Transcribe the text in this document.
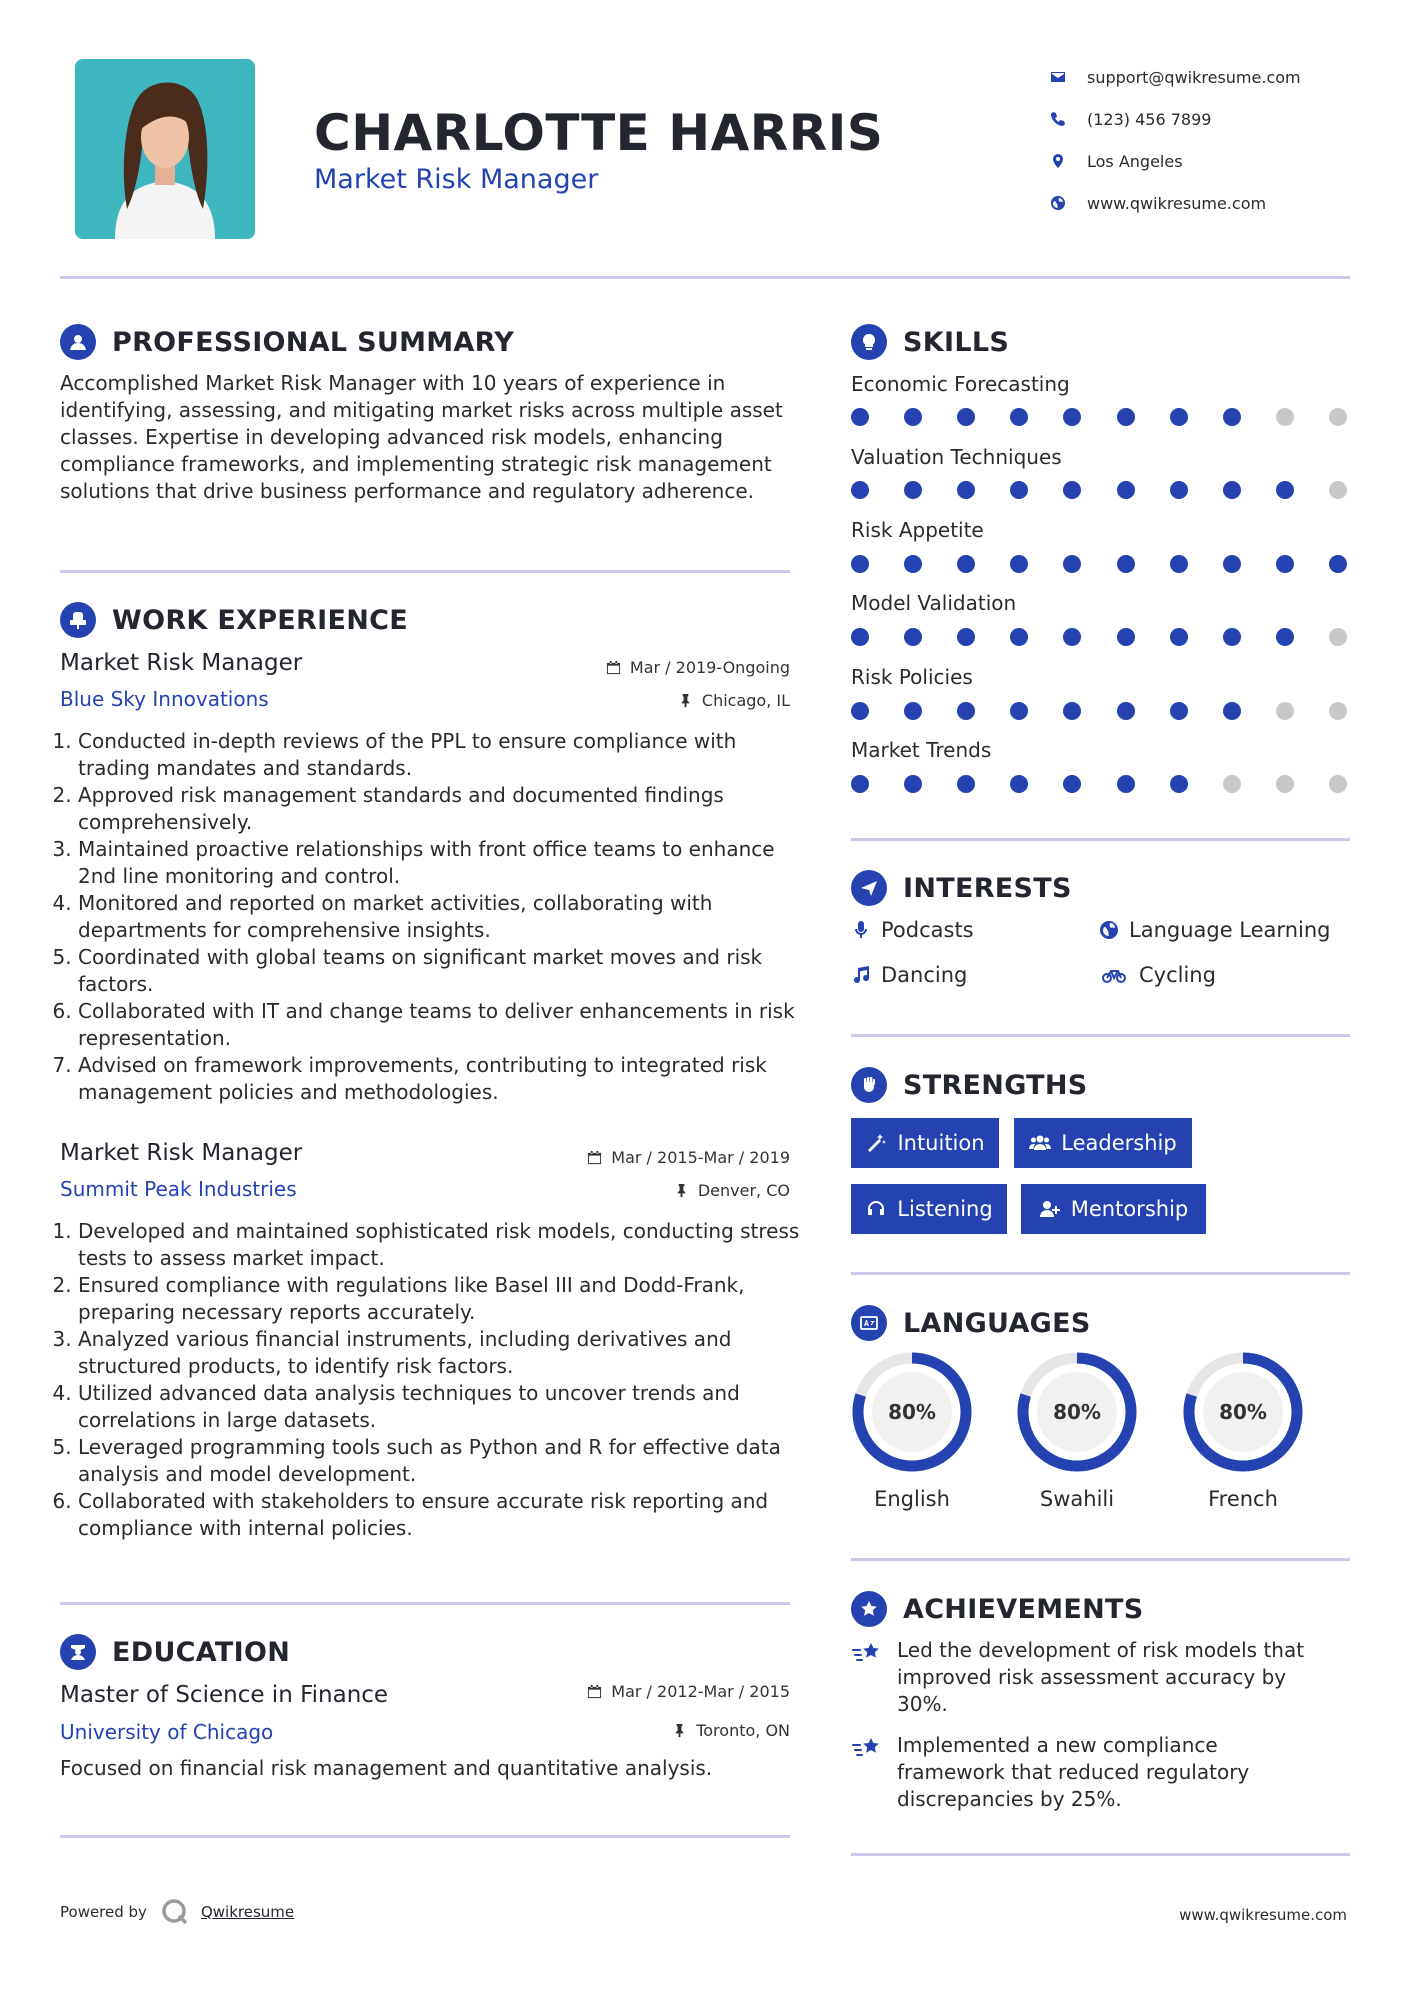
CHARLOTTE HARRIS
Market Risk Manager
support@qwikresume.com
(123) 456 7899
Los Angeles
www.qwikresume.com
PROFESSIONAL SUMMARY
Accomplished Market Risk Manager with 10 years of experience in identifying, assessing, and mitigating market risks across multiple asset classes. Expertise in developing advanced risk models, enhancing compliance frameworks, and implementing strategic risk management solutions that drive business performance and regulatory adherence.
WORK EXPERIENCE
Market Risk Manager	Mar / 2019-Ongoing
Blue Sky Innovations	Chicago, IL
1. Conducted in-depth reviews of the PPL to ensure compliance with trading mandates and standards.
2. Approved risk management standards and documented findings comprehensively.
3. Maintained proactive relationships with front office teams to enhance 2nd line monitoring and control.
4. Monitored and reported on market activities, collaborating with departments for comprehensive insights.
5. Coordinated with global teams on significant market moves and risk factors.
6. Collaborated with IT and change teams to deliver enhancements in risk representation.
7. Advised on framework improvements, contributing to integrated risk management policies and methodologies.
Market Risk Manager	Mar / 2015-Mar / 2019
Summit Peak Industries	Denver, CO
1. Developed and maintained sophisticated risk models, conducting stress tests to assess market impact.
2. Ensured compliance with regulations like Basel III and Dodd-Frank, preparing necessary reports accurately.
3. Analyzed various financial instruments, including derivatives and structured products, to identify risk factors.
4. Utilized advanced data analysis techniques to uncover trends and correlations in large datasets.
5. Leveraged programming tools such as Python and R for effective data analysis and model development.
6. Collaborated with stakeholders to ensure accurate risk reporting and compliance with internal policies.
EDUCATION
Master of Science in Finance	Mar / 2012-Mar / 2015
University of Chicago	Toronto, ON
Focused on financial risk management and quantitative analysis.
SKILLS
Economic Forecasting
Valuation Techniques
Risk Appetite
Model Validation
Risk Policies
Market Trends
INTERESTS
Podcasts	Language Learning
Dancing	Cycling
STRENGTHS
Intuition	Leadership
Listening	Mentorship
LANGUAGES
80%
English
80%
Swahili
80%
French
ACHIEVEMENTS
Led the development of risk models that improved risk assessment accuracy by 30%.
Implemented a new compliance framework that reduced regulatory discrepancies by 25%.
Powered by	Qwikresume	www.qwikresume.com
